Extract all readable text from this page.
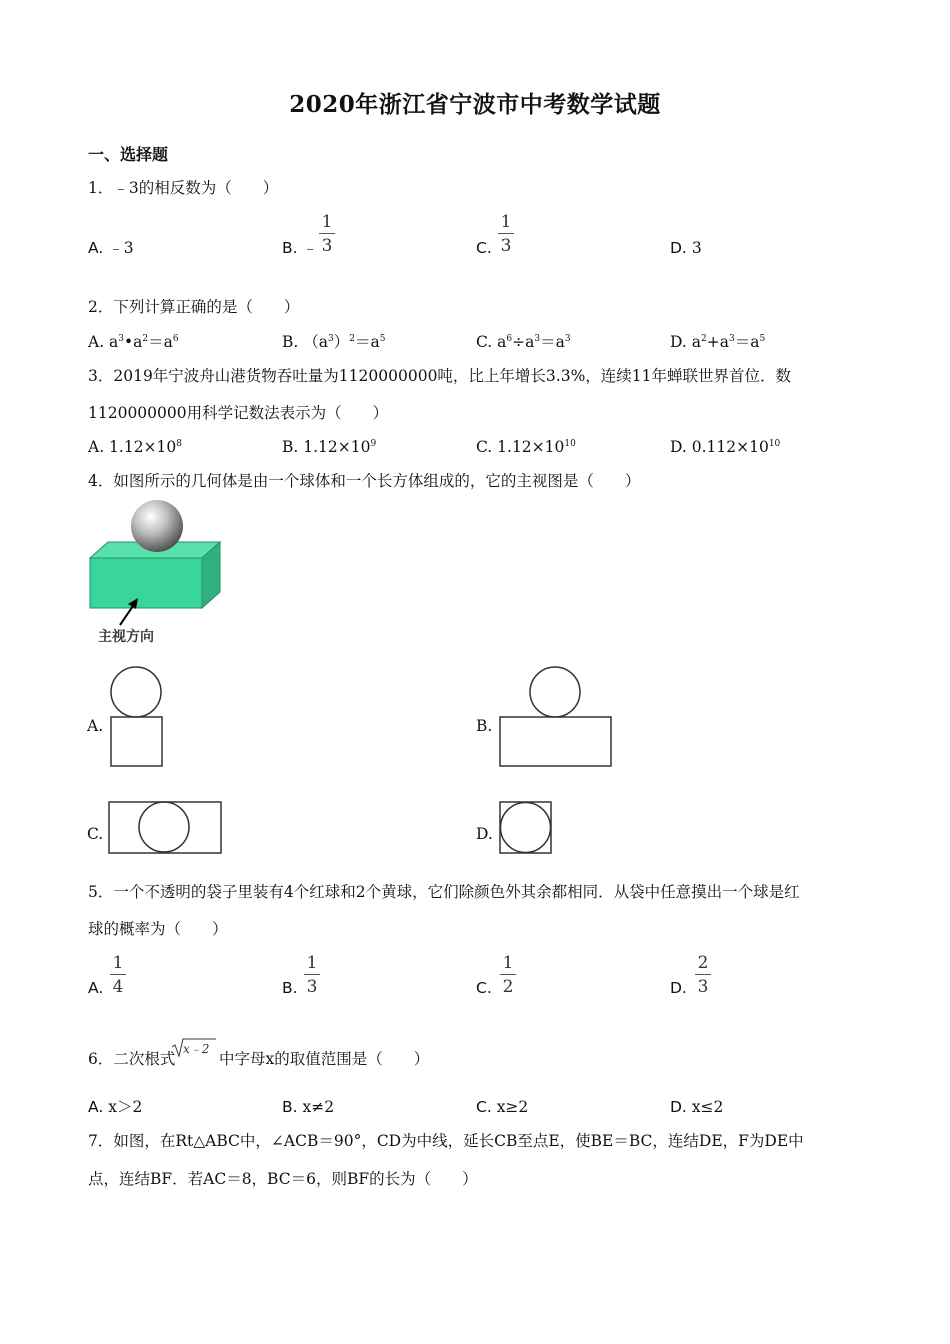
2020年浙江省宁波市中考数学试题
一、选择题
1．﹣3的相反数为（　　）
A. ﹣3	B. ﹣
1
3	C.
1
3	D. 3
2．下列计算正确的是（　　）
A. $a^3•a^2=a^6$	B. $(a^3)^2=a^5$	C. $a^6\div a^3=a^3$	D. $a^2+a^3=a^5$
3．2019年宁波舟山港货物吞吐量为1120000000吨，比上年增长3.3%，连续11年蝉联世界首位．数
1120000000用科学记数法表示为（　　）
A. $1.12\times 10^8$	B. $1.12\times 10^9$	C. $1.12\times 10^{10}$	D. $0.112\times 10^{10}$
4．如图所示的几何体是由一个球体和一个长方体组成的，它的主视图是（　　）
主视方向
A.	B.
C.	D.
5．一个不透明的袋子里装有4个红球和2个黄球，它们除颜色外其余都相同．从袋中任意摸出一个球是红
球的概率为（　　）
A.
1
4	B.
1
3	C.
1
2	D.
2
3
6．二次根式
x﹣2
中字母x的取值范围是（　　）
A. x＞2	B. x≠2	C. x≥2	D. x≤2
7．如图，在Rt△ABC中，∠ACB＝90°，CD为中线，延长CB至点E，使BE＝BC，连结DE，F为DE中
点，连结BF．若AC＝8，BC＝6，则BF的长为（　　）
